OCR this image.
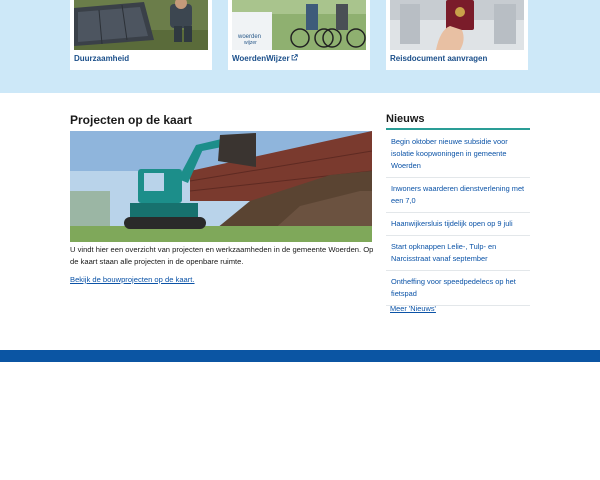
Duurzaamheid
woerden
wijzer
WoerdenWijzer	Reisdocument aanvragen
Projecten op de kaart

U vindt hier een overzicht van projecten en werkzaamheden in de gemeente Woerden. Op de kaart staan alle projecten in de openbare ruimte.

Bekijk de bouwprojecten op de kaart.
Nieuws
Begin oktober nieuwe subsidie voor isolatie koopwoningen in gemeente Woerden
Inwoners waarderen dienstverlening met een 7,0
Haanwijkersluis tijdelijk open op 9 juli
Start opknappen Lelie-, Tulp- en Narcisstraat vanaf september
Ontheffing voor speedpedelecs op het fietspad
Meer 'Nieuws'
